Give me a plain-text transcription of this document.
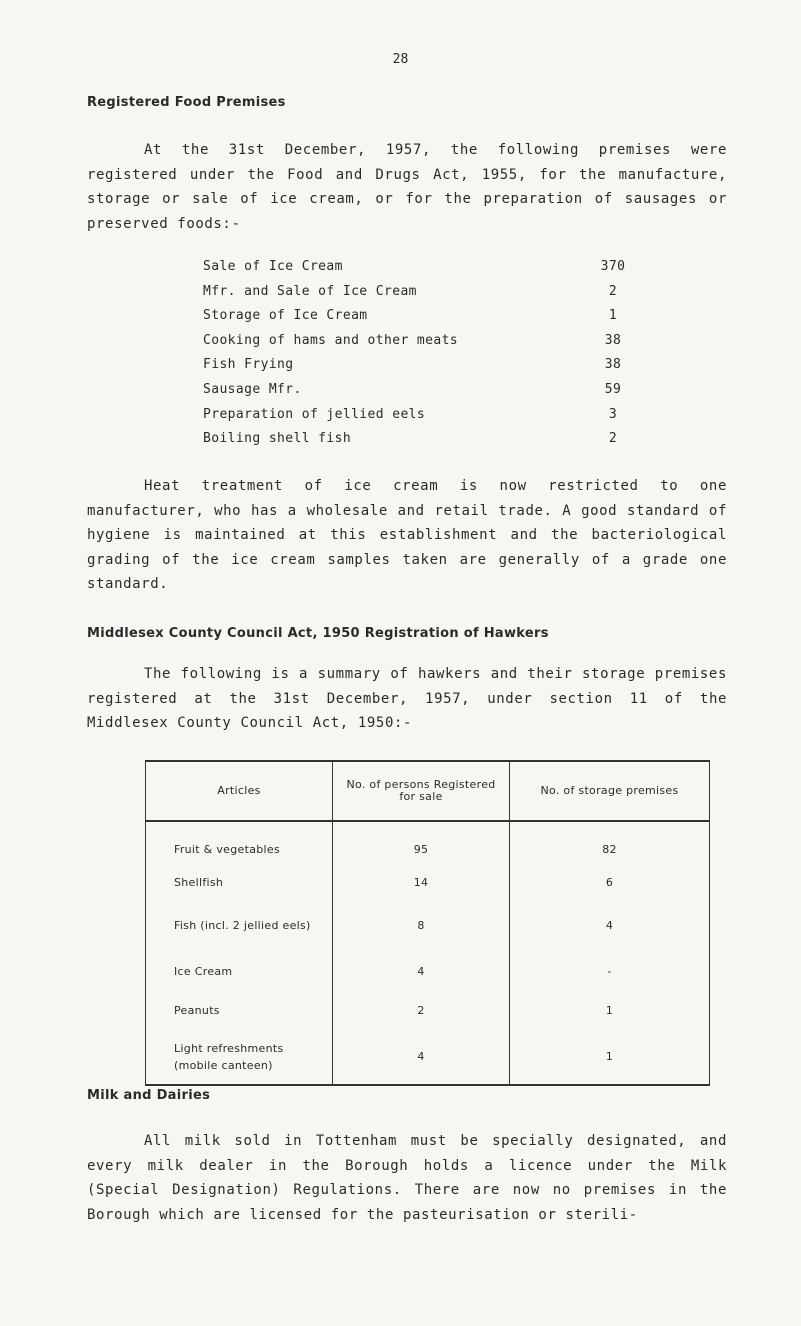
28
Registered Food Premises

At the 31st December, 1957, the following premises were registered under the Food and Drugs Act, 1955, for the manufacture, storage or sale of ice cream, or for the preparation of sausages or preserved foods:-

Sale of Ice Cream	370
Mfr. and Sale of Ice Cream	2
Storage of Ice Cream	1
Cooking of hams and other meats	38
Fish Frying	38
Sausage Mfr.	59
Preparation of jellied eels	3
Boiling shell fish	2

Heat treatment of ice cream is now restricted to one manufacturer, who has a wholesale and retail trade. A good standard of hygiene is maintained at this establishment and the bacteriological grading of the ice cream samples taken are generally of a grade one standard.

Middlesex County Council Act, 1950 Registration of Hawkers

The following is a summary of hawkers and their storage premises registered at the 31st December, 1957, under section 11 of the Middlesex County Council Act, 1950:-

Articles	No. of persons Registered for sale	No. of storage premises
Fruit & vegetables	95	82
Shellfish	14	6
Fish (incl. 2 jellied eels)	8	4
Ice Cream	4	-
Peanuts	2	1
Light refreshments (mobile canteen)	4	1
Milk and Dairies

All milk sold in Tottenham must be specially designated, and every milk dealer in the Borough holds a licence under the Milk (Special Designation) Regulations. There are now no premises in the Borough which are licensed for the pasteurisation or sterili-
